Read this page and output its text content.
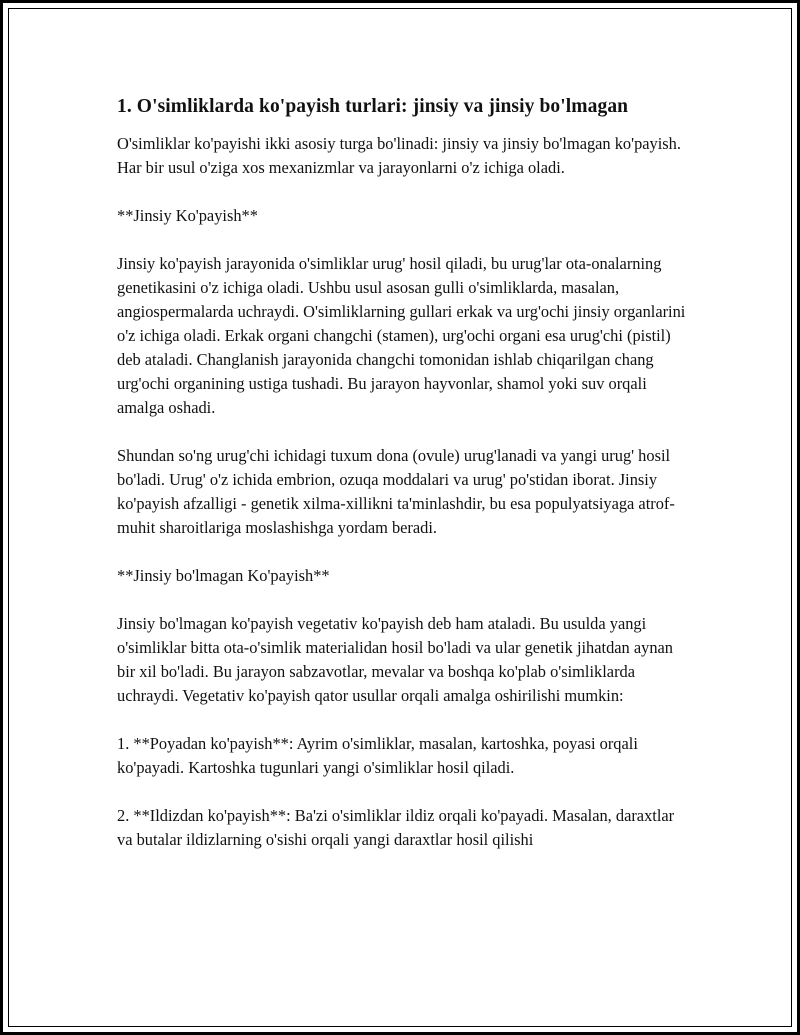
1. O'simliklarda ko'payish turlari: jinsiy va jinsiy bo'lmagan

O'simliklar ko'payishi ikki asosiy turga bo'linadi: jinsiy va jinsiy bo'lmagan ko'payish. Har bir usul o'ziga xos mexanizmlar va jarayonlarni o'z ichiga oladi.

**Jinsiy Ko'payish**

Jinsiy ko'payish jarayonida o'simliklar urug' hosil qiladi, bu urug'lar ota-onalarning genetikasini o'z ichiga oladi. Ushbu usul asosan gulli o'simliklarda, masalan, angiospermalarda uchraydi. O'simliklarning gullari erkak va urg'ochi jinsiy organlarini o'z ichiga oladi. Erkak organi changchi (stamen), urg'ochi organi esa urug'chi (pistil) deb ataladi. Changlanish jarayonida changchi tomonidan ishlab chiqarilgan chang urg'ochi organining ustiga tushadi. Bu jarayon hayvonlar, shamol yoki suv orqali amalga oshadi.

Shundan so'ng urug'chi ichidagi tuxum dona (ovule) urug'lanadi va yangi urug' hosil bo'ladi. Urug' o'z ichida embrion, ozuqa moddalari va urug' po'stidan iborat. Jinsiy ko'payish afzalligi - genetik xilma-xillikni ta'minlashdir, bu esa populyatsiyaga atrof-muhit sharoitlariga moslashishga yordam beradi.

**Jinsiy bo'lmagan Ko'payish**

Jinsiy bo'lmagan ko'payish vegetativ ko'payish deb ham ataladi. Bu usulda yangi o'simliklar bitta ota-o'simlik materialidan hosil bo'ladi va ular genetik jihatdan aynan bir xil bo'ladi. Bu jarayon sabzavotlar, mevalar va boshqa ko'plab o'simliklarda uchraydi. Vegetativ ko'payish qator usullar orqali amalga oshirilishi mumkin:

1. **Poyadan ko'payish**: Ayrim o'simliklar, masalan, kartoshka, poyasi orqali ko'payadi. Kartoshka tugunlari yangi o'simliklar hosil qiladi.

2. **Ildizdan ko'payish**: Ba'zi o'simliklar ildiz orqali ko'payadi. Masalan, daraxtlar va butalar ildizlarning o'sishi orqali yangi daraxtlar hosil qilishi
